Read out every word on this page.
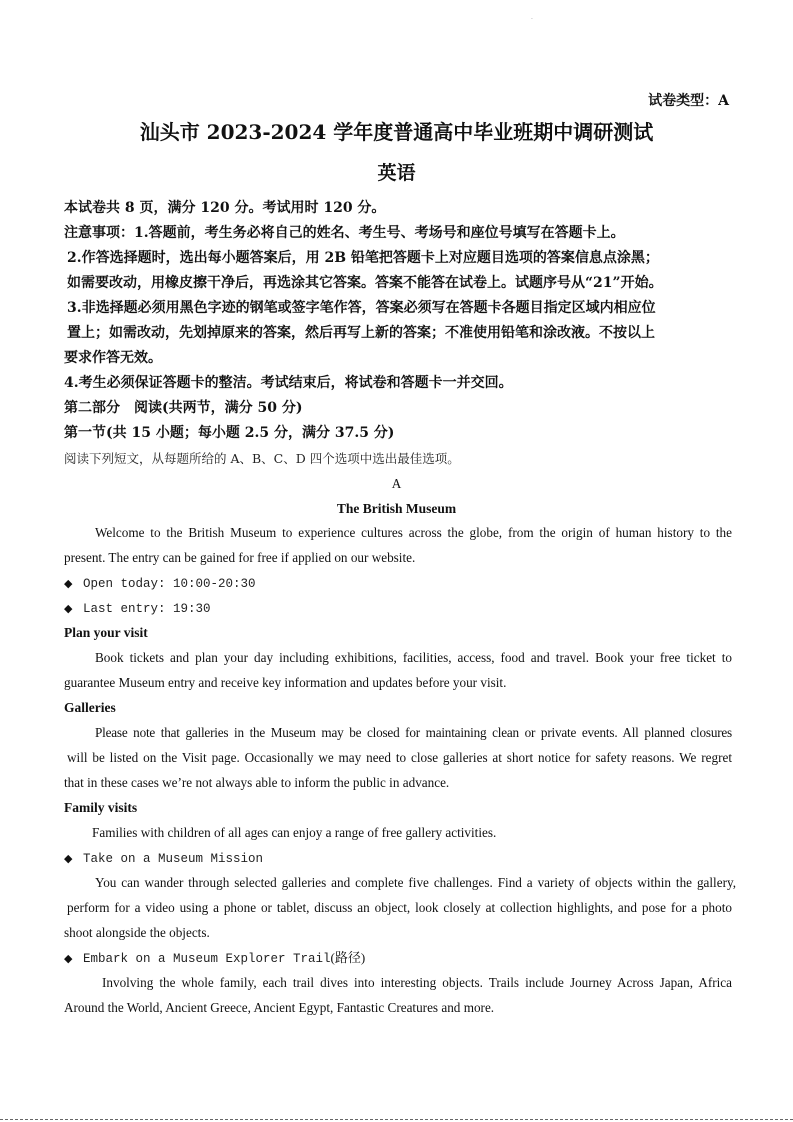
.
试卷类型：A
汕头市 2023-2024 学年度普通高中毕业班期中调研测试
英语
本试卷共 8 页，满分 120 分。考试用时 120 分。
注意事项：1.答题前，考生务必将自己的姓名、考生号、考场号和座位号填写在答题卡上。
2.作答选择题时，选出每小题答案后，用 2B 铅笔把答题卡上对应题目选项的答案信息点涂黑；
如需要改动，用橡皮擦干净后，再选涂其它答案。答案不能答在试卷上。试题序号从“21”开始。
3.非选择题必须用黑色字迹的钢笔或签字笔作答，答案必须写在答题卡各题目指定区域内相应位
置上；如需改动，先划掉原来的答案，然后再写上新的答案；不准使用铅笔和涂改液。不按以上
要求作答无效。
4.考生必须保证答题卡的整洁。考试结束后，将试卷和答题卡一并交回。
第二部分　阅读(共两节，满分 50 分)
第一节(共 15 小题；每小题 2.5 分，满分 37.5 分)
阅读下列短文，从每题所给的 A、B、C、D 四个选项中选出最佳选项。
A
The British Museum
Welcome to the British Museum to experience cultures across the globe, from the origin of human history to the
present. The entry can be gained for free if applied on our website.
◆ Open today: 10:00-20:30
◆ Last entry: 19:30
Plan your visit
Book tickets and plan your day including exhibitions, facilities, access, food and travel. Book your free ticket to
guarantee Museum entry and receive key information and updates before your visit.
Galleries
Please note that galleries in the Museum may be closed for maintaining clean or private events. All planned closures
will be listed on the Visit page. Occasionally we may need to close galleries at short notice for safety reasons. We regret
that in these cases we’re not always able to inform the public in advance.
Family visits
Families with children of all ages can enjoy a range of free gallery activities.
◆ Take on a Museum Mission
You can wander through selected galleries and complete five challenges. Find a variety of objects within the gallery,
perform for a video using a phone or tablet, discuss an object, look closely at collection highlights, and pose for a photo
shoot alongside the objects.
◆ Embark on a Museum Explorer Trail(路径)
Involving the whole family, each trail dives into interesting objects. Trails include Journey Across Japan, Africa
Around the World, Ancient Greece, Ancient Egypt, Fantastic Creatures and more.
